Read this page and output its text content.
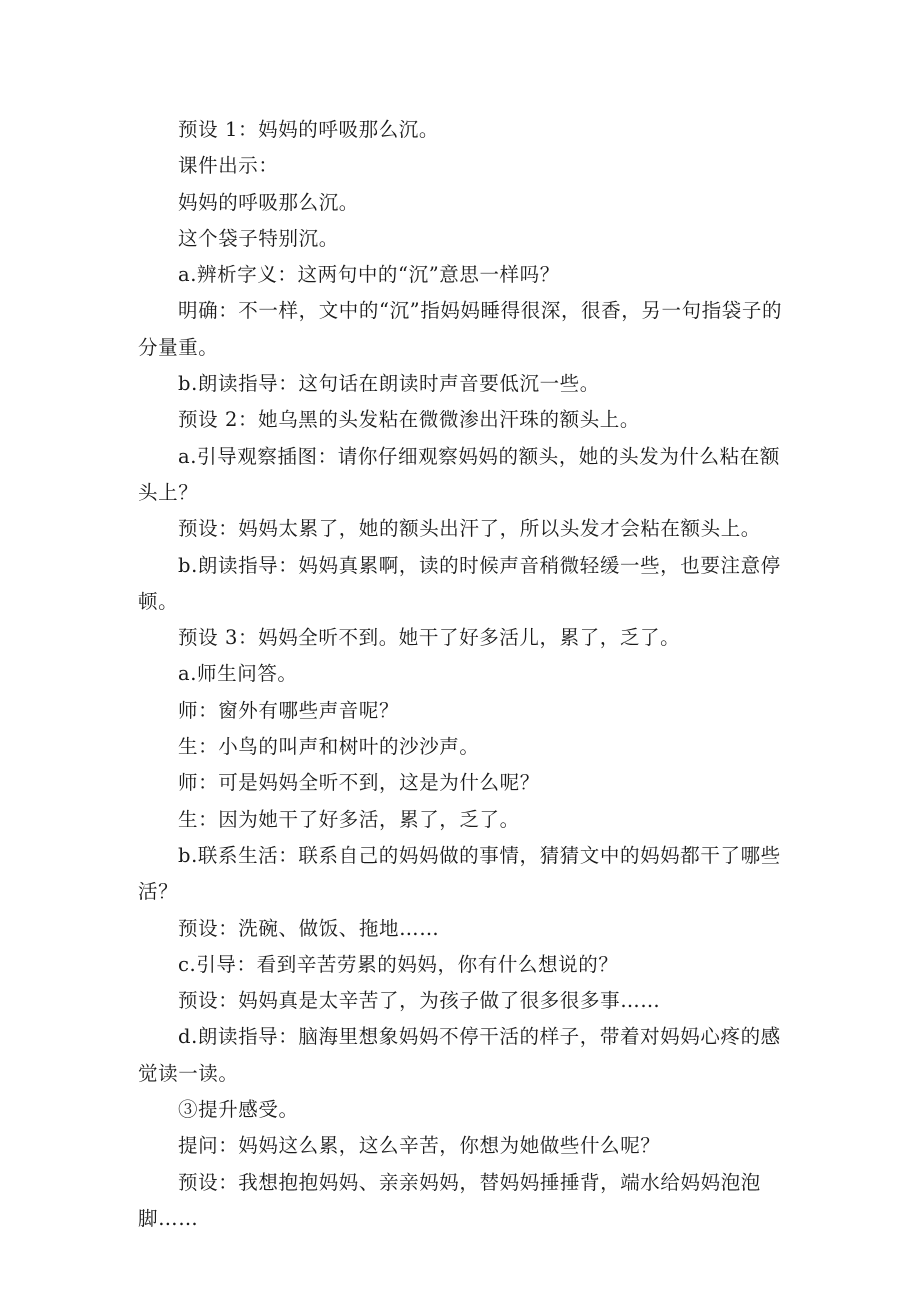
预设 1：妈妈的呼吸那么沉。

课件出示：

妈妈的呼吸那么沉。

这个袋子特别沉。

a.辨析字义：这两句中的“沉”意思一样吗？

明确：不一样，文中的“沉”指妈妈睡得很深，很香，另一句指袋子的分量重。

b.朗读指导：这句话在朗读时声音要低沉一些。

预设 2：她乌黑的头发粘在微微渗出汗珠的额头上。

a.引导观察插图：请你仔细观察妈妈的额头，她的头发为什么粘在额头上？

预设：妈妈太累了，她的额头出汗了，所以头发才会粘在额头上。

b.朗读指导：妈妈真累啊，读的时候声音稍微轻缓一些，也要注意停顿。

预设 3：妈妈全听不到。她干了好多活儿，累了，乏了。

a.师生问答。

师：窗外有哪些声音呢？

生：小鸟的叫声和树叶的沙沙声。

师：可是妈妈全听不到，这是为什么呢？

生：因为她干了好多活，累了，乏了。

b.联系生活：联系自己的妈妈做的事情，猜猜文中的妈妈都干了哪些活？

预设：洗碗、做饭、拖地……

c.引导：看到辛苦劳累的妈妈，你有什么想说的？

预设：妈妈真是太辛苦了，为孩子做了很多很多事……

d.朗读指导：脑海里想象妈妈不停干活的样子，带着对妈妈心疼的感觉读一读。

③提升感受。

提问：妈妈这么累，这么辛苦，你想为她做些什么呢？

预设：我想抱抱妈妈、亲亲妈妈，替妈妈捶捶背，端水给妈妈泡泡脚……
